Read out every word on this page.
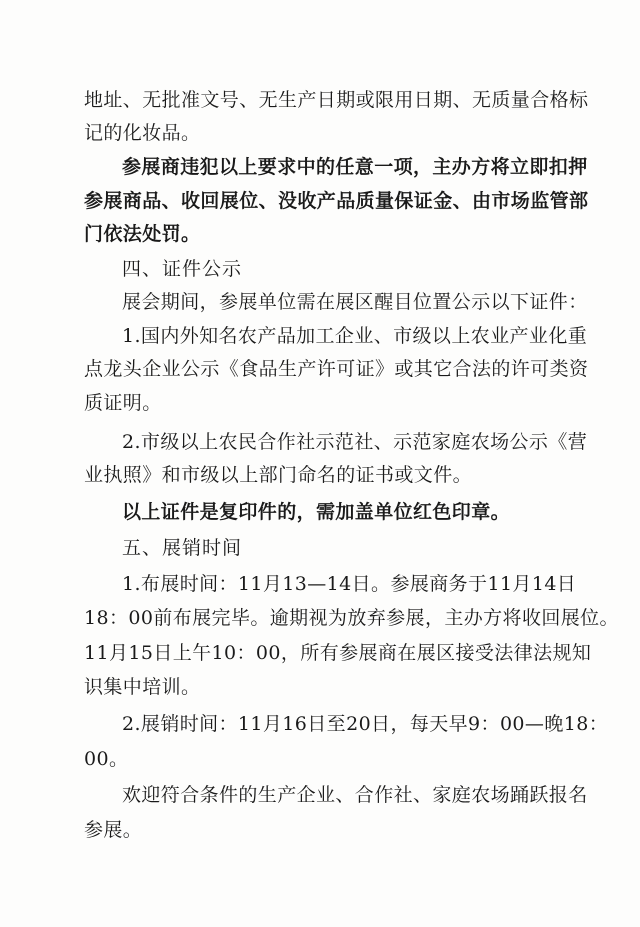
地址、无批准文号、无生产日期或限用日期、无质量合格标
记的化妆品。
参展商违犯以上要求中的任意一项，主办方将立即扣押
参展商品、收回展位、没收产品质量保证金、由市场监管部
门依法处罚。
四、证件公示
展会期间，参展单位需在展区醒目位置公示以下证件：
1.国内外知名农产品加工企业、市级以上农业产业化重
点龙头企业公示《食品生产许可证》或其它合法的许可类资
质证明。
2.市级以上农民合作社示范社、示范家庭农场公示《营
业执照》和市级以上部门命名的证书或文件。
以上证件是复印件的，需加盖单位红色印章。
五、展销时间
1.布展时间：11月13—14日。参展商务于11月14日
18：00前布展完毕。逾期视为放弃参展，主办方将收回展位。
11月15日上午10：00，所有参展商在展区接受法律法规知
识集中培训。
2.展销时间：11月16日至20日，每天早9：00—晚18：
00。
欢迎符合条件的生产企业、合作社、家庭农场踊跃报名
参展。
